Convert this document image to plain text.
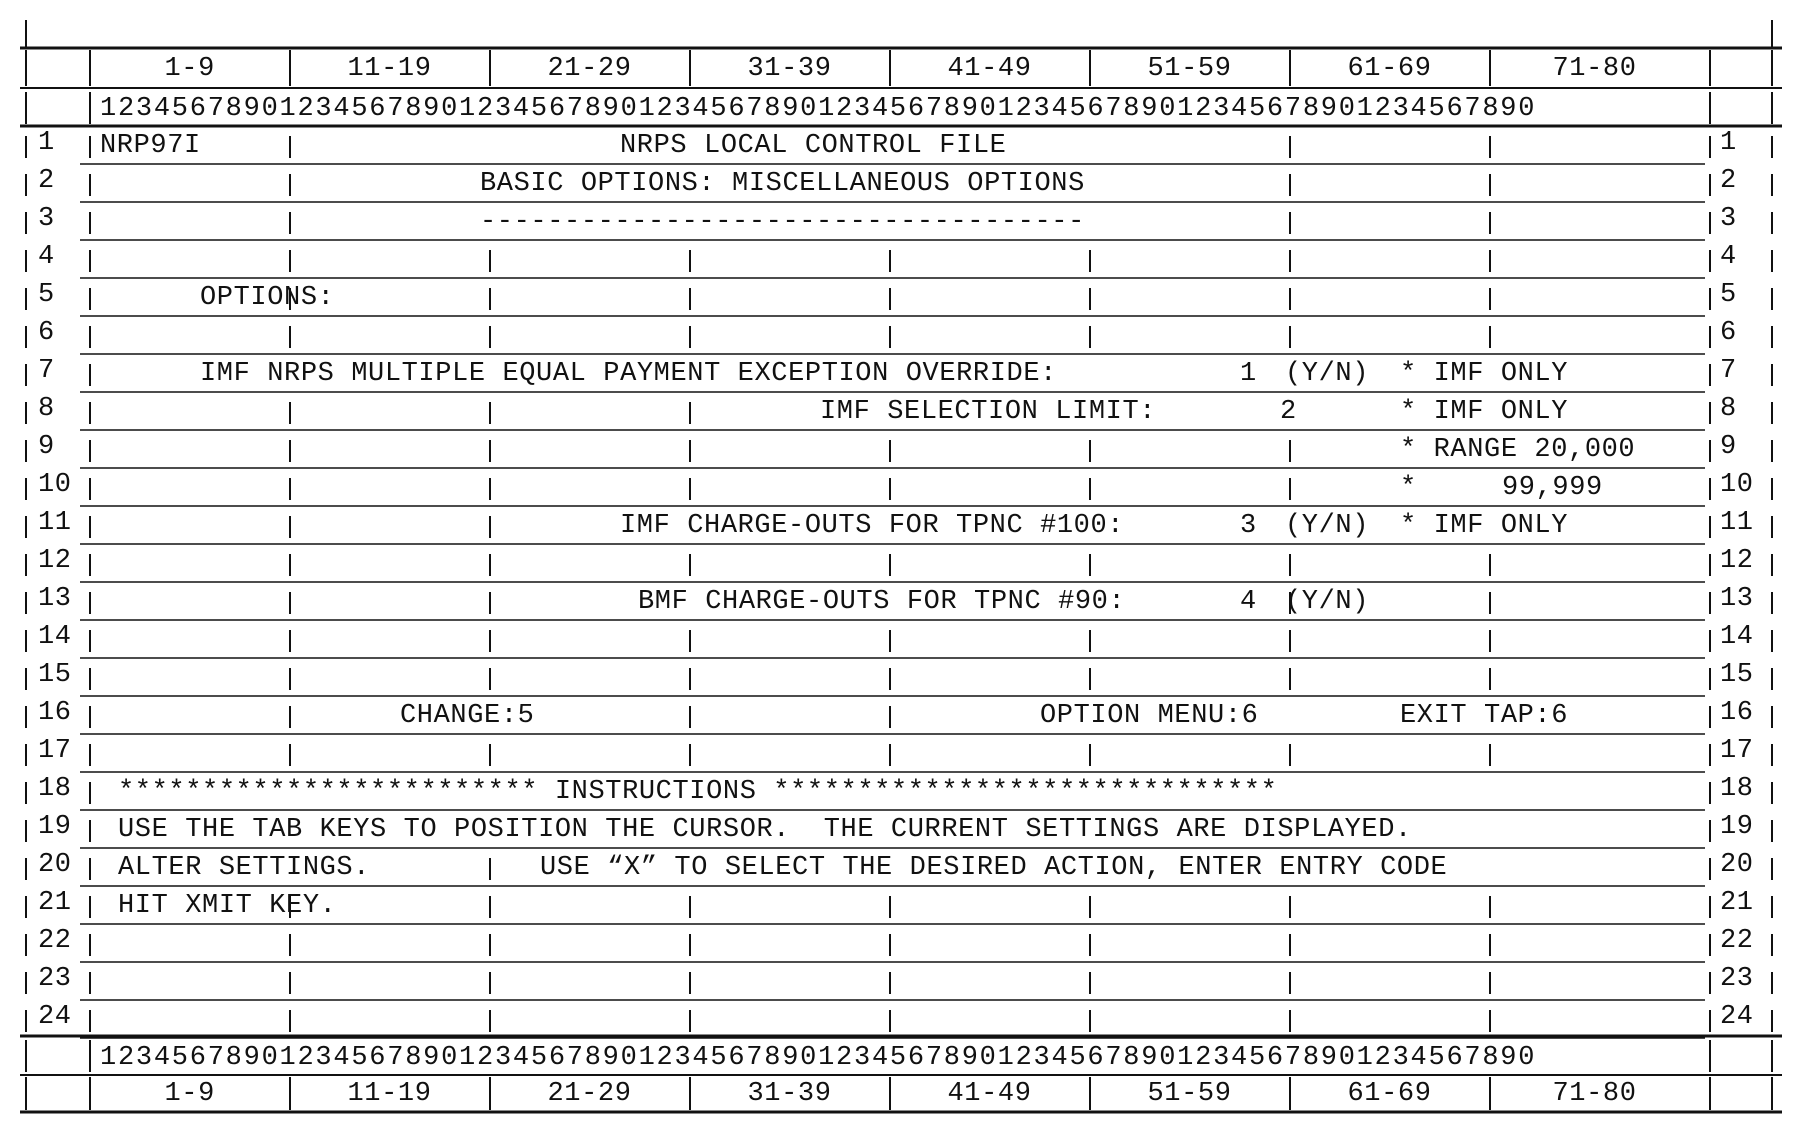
1-9	11-19	21-29	31-39	41-49	51-59	61-69	71-80
12345678901234567890123456789012345678901234567890123456789012345678901234567890
1	1
2	2
3	3
4	4
5	5
6	6
7	7
8	8
9	9
10	10
11	11
12	12
13	13
14	14
15	15
16	16
17	17
18	18
19	19
20	20
21	21
22	22
23	23
24	24
NRP97I	NRPS LOCAL CONTROL FILE
BASIC OPTIONS: MISCELLANEOUS OPTIONS
------------------------------------
OPTIONS:
IMF NRPS MULTIPLE EQUAL PAYMENT EXCEPTION OVERRIDE:	1 (Y/N) * IMF ONLY
IMF SELECTION LIMIT:	2	* IMF ONLY
* RANGE 20,000
*	99,999
IMF CHARGE-OUTS FOR TPNC #100:	3 (Y/N) * IMF ONLY
BMF CHARGE-OUTS FOR TPNC #90:	4 (Y/N)
CHANGE:5	OPTION MENU:6	EXIT TAP:6
************************* INSTRUCTIONS ******************************
USE THE TAB KEYS TO POSITION THE CURSOR.  THE CURRENT SETTINGS ARE DISPLAYED.
ALTER SETTINGS.	USE “X” TO SELECT THE DESIRED ACTION, ENTER ENTRY CODE
HIT XMIT KEY.
12345678901234567890123456789012345678901234567890123456789012345678901234567890
1-9	11-19	21-29	31-39	41-49	51-59	61-69	71-80
